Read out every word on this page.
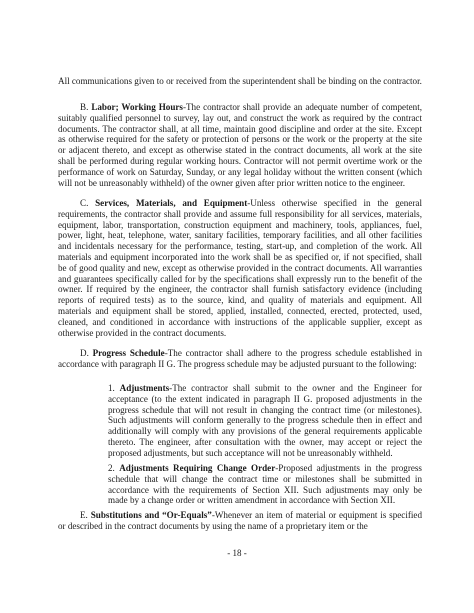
All communications given to or received from the superintendent shall be binding on the contractor.

B. Labor; Working Hours-The contractor shall provide an adequate number of competent, suitably qualified personnel to survey, lay out, and construct the work as required by the contract documents. The contractor shall, at all time, maintain good discipline and order at the site. Except as otherwise required for the safety or protection of persons or the work or the property at the site or adjacent thereto, and except as otherwise stated in the contract documents, all work at the site shall be performed during regular working hours. Contractor will not permit overtime work or the performance of work on Saturday, Sunday, or any legal holiday without the written consent (which will not be unreasonably withheld) of the owner given after prior written notice to the engineer.

C. Services, Materials, and Equipment-Unless otherwise specified in the general requirements, the contractor shall provide and assume full responsibility for all services, materials, equipment, labor, transportation, construction equipment and machinery, tools, appliances, fuel, power, light, heat, telephone, water, sanitary facilities, temporary facilities, and all other facilities and incidentals necessary for the performance, testing, start-up, and completion of the work. All materials and equipment incorporated into the work shall be as specified or, if not specified, shall be of good quality and new, except as otherwise provided in the contract documents. All warranties and guarantees specifically called for by the specifications shall expressly run to the benefit of the owner. If required by the engineer, the contractor shall furnish satisfactory evidence (including reports of required tests) as to the source, kind, and quality of materials and equipment. All materials and equipment shall be stored, applied, installed, connected, erected, protected, used, cleaned, and conditioned in accordance with instructions of the applicable supplier, except as otherwise provided in the contract documents.

D. Progress Schedule-The contractor shall adhere to the progress schedule established in accordance with paragraph II G. The progress schedule may be adjusted pursuant to the following:

1. Adjustments-The contractor shall submit to the owner and the Engineer for acceptance (to the extent indicated in paragraph II G. proposed adjustments in the progress schedule that will not result in changing the contract time (or milestones). Such adjustments will conform generally to the progress schedule then in effect and additionally will comply with any provisions of the general requirements applicable thereto. The engineer, after consultation with the owner, may accept or reject the proposed adjustments, but such acceptance will not be unreasonably withheld.

2. Adjustments Requiring Change Order-Proposed adjustments in the progress schedule that will change the contract time or milestones shall be submitted in accordance with the requirements of Section XII. Such adjustments may only be made by a change order or written amendment in accordance with Section XII.

E. Substitutions and “Or-Equals”-Whenever an item of material or equipment is specified or described in the contract documents by using the name of a proprietary item or the

- 18 -
